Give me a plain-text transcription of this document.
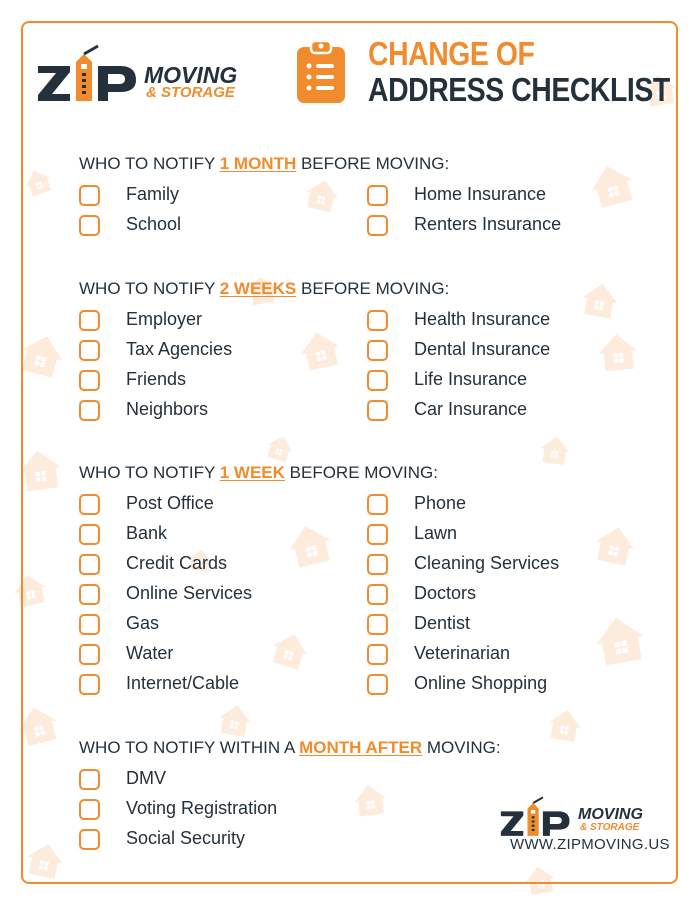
MOVING
& STORAGE
CHANGE OF
ADDRESS CHECKLIST
WHO TO NOTIFY 1 MONTH BEFORE MOVING:
Family
School
Home Insurance
Renters Insurance
WHO TO NOTIFY 2 WEEKS BEFORE MOVING:
Employer
Tax Agencies
Friends
Neighbors
Health Insurance
Dental Insurance
Life Insurance
Car Insurance
WHO TO NOTIFY 1 WEEK BEFORE MOVING:
Post Office
Bank
Credit Cards
Online Services
Gas
Water
Internet/Cable
Phone
Lawn
Cleaning Services
Doctors
Dentist
Veterinarian
Online Shopping
WHO TO NOTIFY WITHIN A MONTH AFTER MOVING:
DMV
Voting Registration
Social Security
MOVING
& STORAGE
WWW.ZIPMOVING.US
